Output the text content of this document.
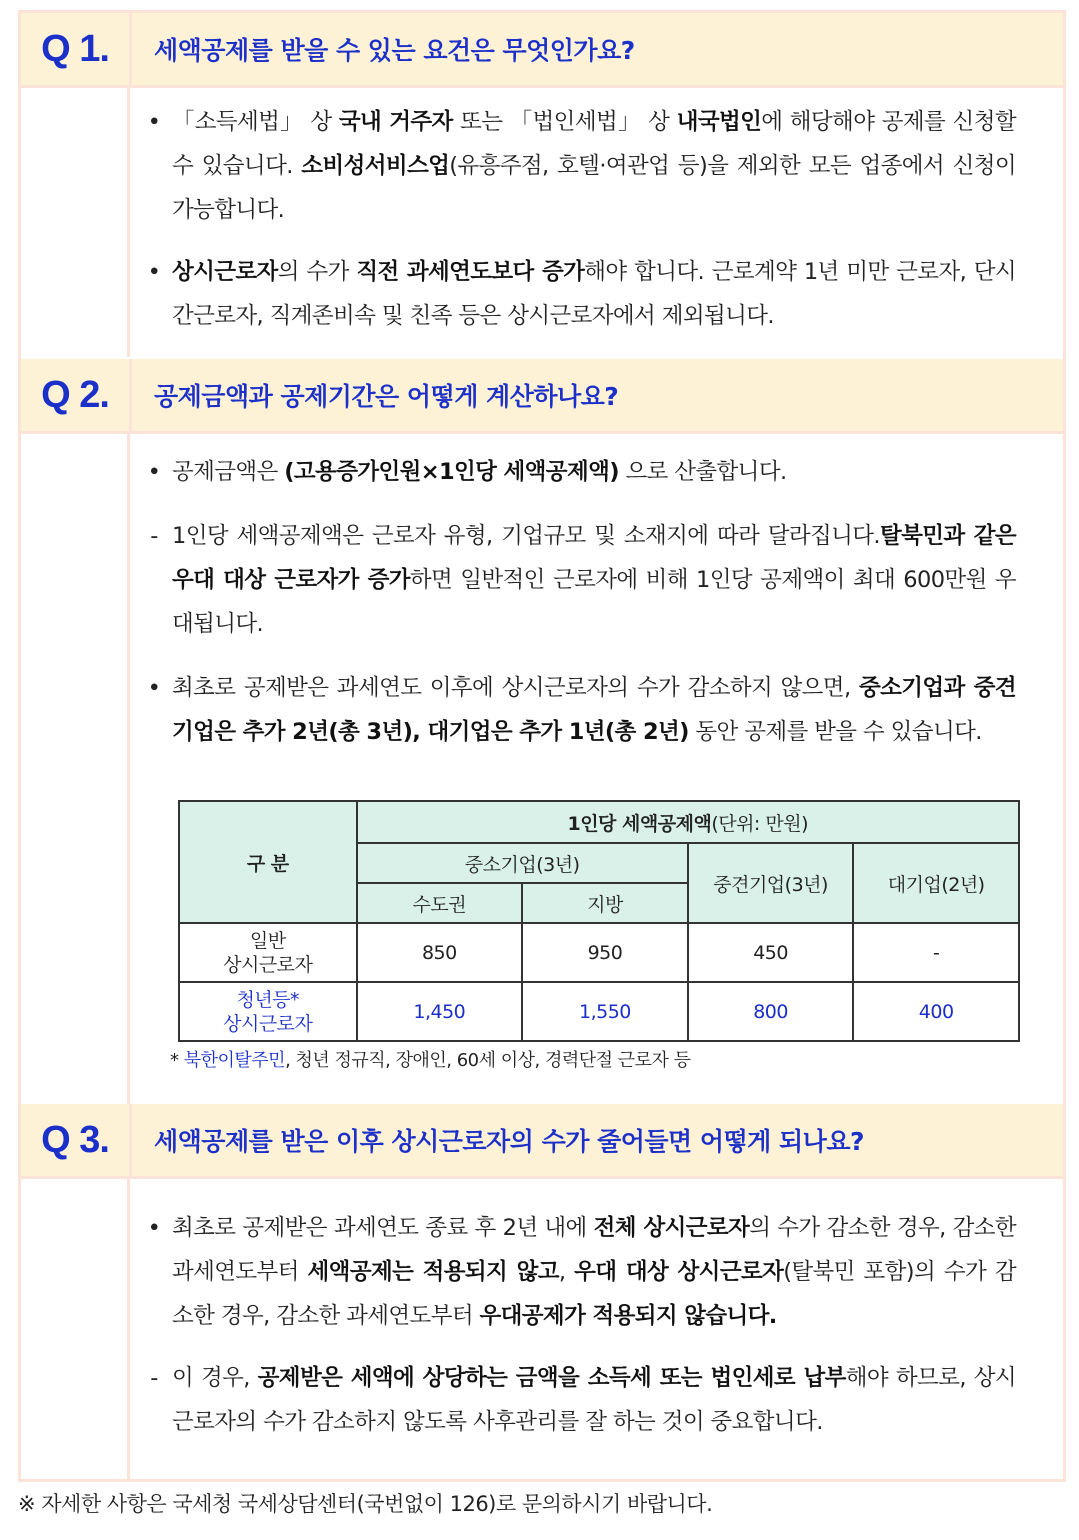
Q 1.	세액공제를 받을 수 있는 요건은 무엇인가요?
Q 2.	공제금액과 공제기간은 어떻게 계산하나요?
Q 3.	세액공제를 받은 이후 상시근로자의 수가 줄어들면 어떻게 되나요?
• 「소득세법」 상 국내 거주자 또는 「법인세법」 상 내국법인에 해당해야 공제를 신청할 수 있습니다. 소비성서비스업(유흥주점, 호텔·여관업 등)을 제외한 모든 업종에서 신청이 가능합니다.
• 상시근로자의 수가 직전 과세연도보다 증가해야 합니다. 근로계약 1년 미만 근로자, 단시간근로자, 직계존비속 및 친족 등은 상시근로자에서 제외됩니다.
• 공제금액은 (고용증가인원×1인당 세액공제액) 으로 산출합니다.
- 1인당 세액공제액은 근로자 유형, 기업규모 및 소재지에 따라 달라집니다.탈북민과 같은 우대 대상 근로자가 증가하면 일반적인 근로자에 비해 1인당 공제액이 최대 600만원 우대됩니다.
• 최초로 공제받은 과세연도 이후에 상시근로자의 수가 감소하지 않으면, 중소기업과 중견기업은 추가 2년(총 3년), 대기업은 추가 1년(총 2년) 동안 공제를 받을 수 있습니다.
구 분	1인당 세액공제액(단위: 만원)			
	중소기업(3년)		중견기업(3년)	대기업(2년)
	수도권	지방		

일반
상시근로자	850	950	450	-

청년등*
상시근로자	1,450	1,550	800	400
* 북한이탈주민, 청년 정규직, 장애인, 60세 이상, 경력단절 근로자 등
• 최초로 공제받은 과세연도 종료 후 2년 내에 전체 상시근로자의 수가 감소한 경우, 감소한 과세연도부터 세액공제는 적용되지 않고, 우대 대상 상시근로자(탈북민 포함)의 수가 감소한 경우, 감소한 과세연도부터 우대공제가 적용되지 않습니다.
- 이 경우, 공제받은 세액에 상당하는 금액을 소득세 또는 법인세로 납부해야 하므로, 상시근로자의 수가 감소하지 않도록 사후관리를 잘 하는 것이 중요합니다.
※ 자세한 사항은 국세청 국세상담센터(국번없이 126)로 문의하시기 바랍니다.
